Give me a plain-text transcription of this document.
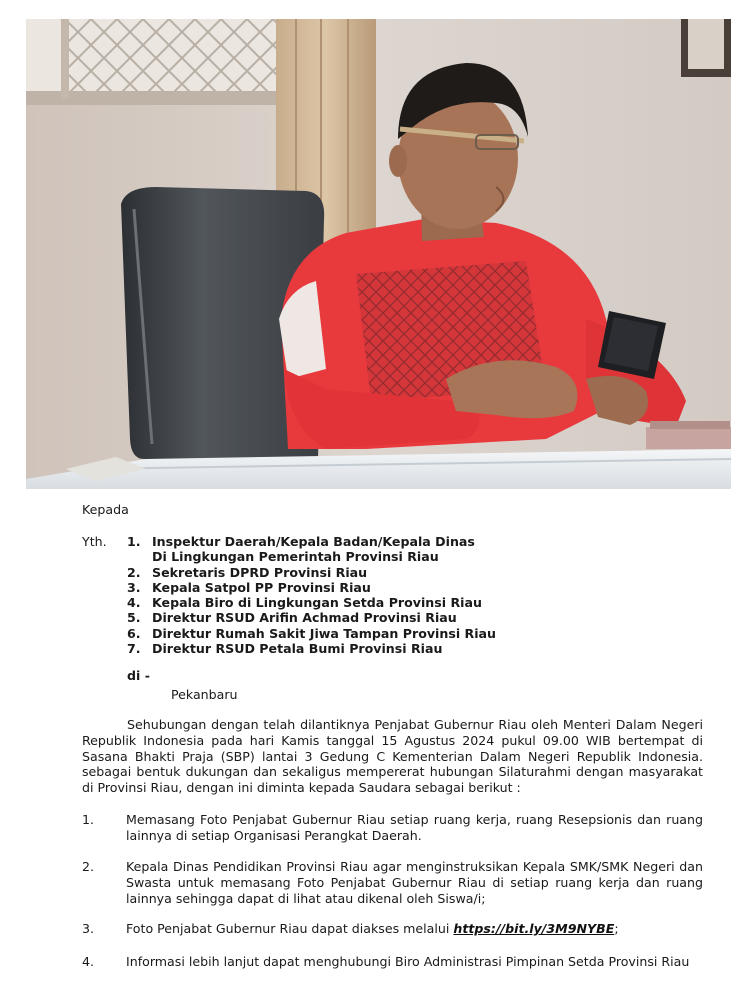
Kepada
Yth. 1. Inspektur Daerah/Kepala Badan/Kepala Dinas
Di Lingkungan Pemerintah Provinsi Riau
2. Sekretaris DPRD Provinsi Riau
3. Kepala Satpol PP Provinsi Riau
4. Kepala Biro di Lingkungan Setda Provinsi Riau
5. Direktur RSUD Arifin Achmad Provinsi Riau
6. Direktur Rumah Sakit Jiwa Tampan Provinsi Riau
7. Direktur RSUD Petala Bumi Provinsi Riau
di -
Pekanbaru
Sehubungan dengan telah dilantiknya Penjabat Gubernur Riau oleh Menteri Dalam Negeri Republik Indonesia pada hari Kamis tanggal 15 Agustus 2024 pukul 09.00 WIB bertempat di Sasana Bhakti Praja (SBP) lantai 3 Gedung C Kementerian Dalam Negeri Republik Indonesia. sebagai bentuk dukungan dan sekaligus mempererat hubungan Silaturahmi dengan masyarakat di Provinsi Riau, dengan ini diminta kepada Saudara sebagai berikut :
1.	Memasang Foto Penjabat Gubernur Riau setiap ruang kerja, ruang Resepsionis dan ruang lainnya di setiap Organisasi Perangkat Daerah.
2.	Kepala Dinas Pendidikan Provinsi Riau agar menginstruksikan Kepala SMK/SMK Negeri dan Swasta untuk memasang Foto Penjabat Gubernur Riau di setiap ruang kerja dan ruang lainnya sehingga dapat di lihat atau dikenal oleh Siswa/i;
3.	Foto Penjabat Gubernur Riau dapat diakses melalui https://bit.ly/3M9NYBE;
4.	Informasi lebih lanjut dapat menghubungi Biro Administrasi Pimpinan Setda Provinsi Riau
